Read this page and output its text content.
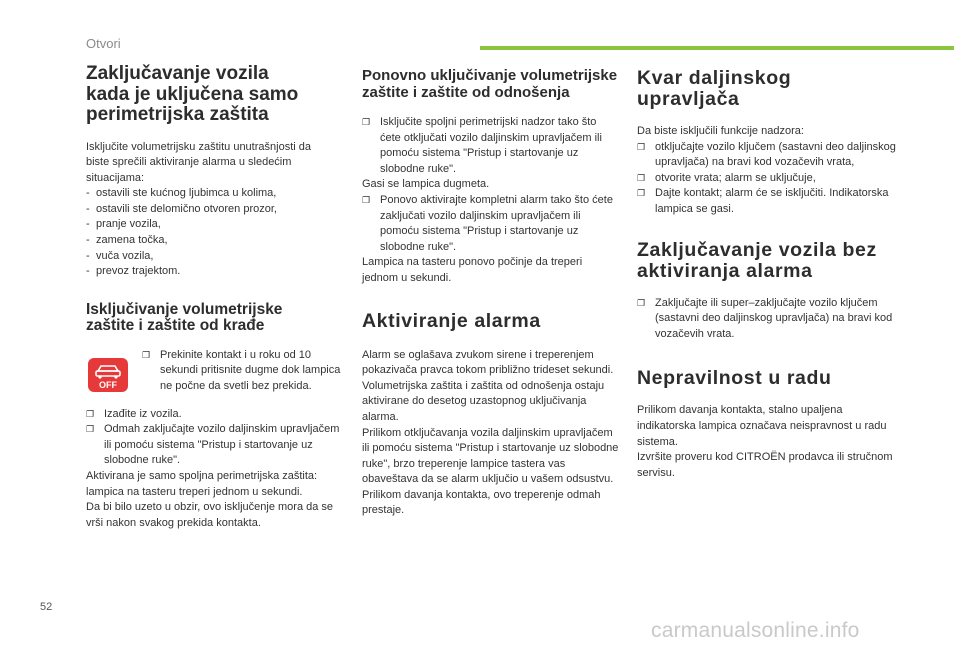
Otvori
Zaključavanje vozila kada je uključena samo perimetrijska zaštita
Isključite volumetrijsku zaštitu unutrašnjosti da biste sprečili aktiviranje alarma u sledećim situacijama:
- ostavili ste kućnog ljubimca u kolima,
- ostavili ste delomično otvoren prozor,
- pranje vozila,
- zamena točka,
- vuča vozila,
- prevoz trajektom.
Isključivanje volumetrijske zaštite i zaštite od krađe
OFF
❐ Prekinite kontakt i u roku od 10 sekundi pritisnite dugme dok lampica ne počne da svetli bez prekida.
❐ Izađite iz vozila.
❐ Odmah zaključajte vozilo daljinskim upravljačem ili pomoću sistema "Pristup i startovanje uz slobodne ruke".
Aktivirana je samo spoljna perimetrijska zaštita: lampica na tasteru treperi jednom u sekundi.
Da bi bilo uzeto u obzir, ovo isključenje mora da se vrši nakon svakog prekida kontakta.
Ponovno uključivanje volumetrijske zaštite i zaštite od odnošenja
❐ Isključite spoljni perimetrijski nadzor tako što ćete otključati vozilo daljinskim upravljačem ili pomoću sistema "Pristup i startovanje uz slobodne ruke".
Gasi se lampica dugmeta.
❐ Ponovo aktivirajte kompletni alarm tako što ćete zaključati vozilo daljinskim upravljačem ili pomoću sistema "Pristup i startovanje uz slobodne ruke".
Lampica na tasteru ponovo počinje da treperi jednom u sekundi.
Aktiviranje alarma
Alarm se oglašava zvukom sirene i treperenjem pokazivača pravca tokom približno trideset sekundi.
Volumetrijska zaštita i zaštita od odnošenja ostaju aktivirane do desetog uzastopnog uključivanja alarma.
Prilikom otključavanja vozila daljinskim upravljačem ili pomoću sistema "Pristup i startovanje uz slobodne ruke", brzo treperenje lampice tastera vas obaveštava da se alarm uključio u vašem odsustvu. Prilikom davanja kontakta, ovo treperenje odmah prestaje.
Kvar daljinskog upravljača
Da biste isključili funkcije nadzora:
❐ otključajte vozilo ključem (sastavni deo daljinskog upravljača) na bravi kod vozačevih vrata,
❐ otvorite vrata; alarm se uključuje,
❐ Dajte kontakt; alarm će se isključiti. Indikatorska lampica se gasi.
Zaključavanje vozila bez aktiviranja alarma
❐ Zaključajte ili super–zaključajte vozilo ključem (sastavni deo daljinskog upravljača) na bravi kod vozačevih vrata.
Nepravilnost u radu
Prilikom davanja kontakta, stalno upaljena indikatorska lampica označava neispravnost u radu sistema.
Izvršite proveru kod CITROËN prodavca ili stručnom servisu.
52
carmanualsonline.info
